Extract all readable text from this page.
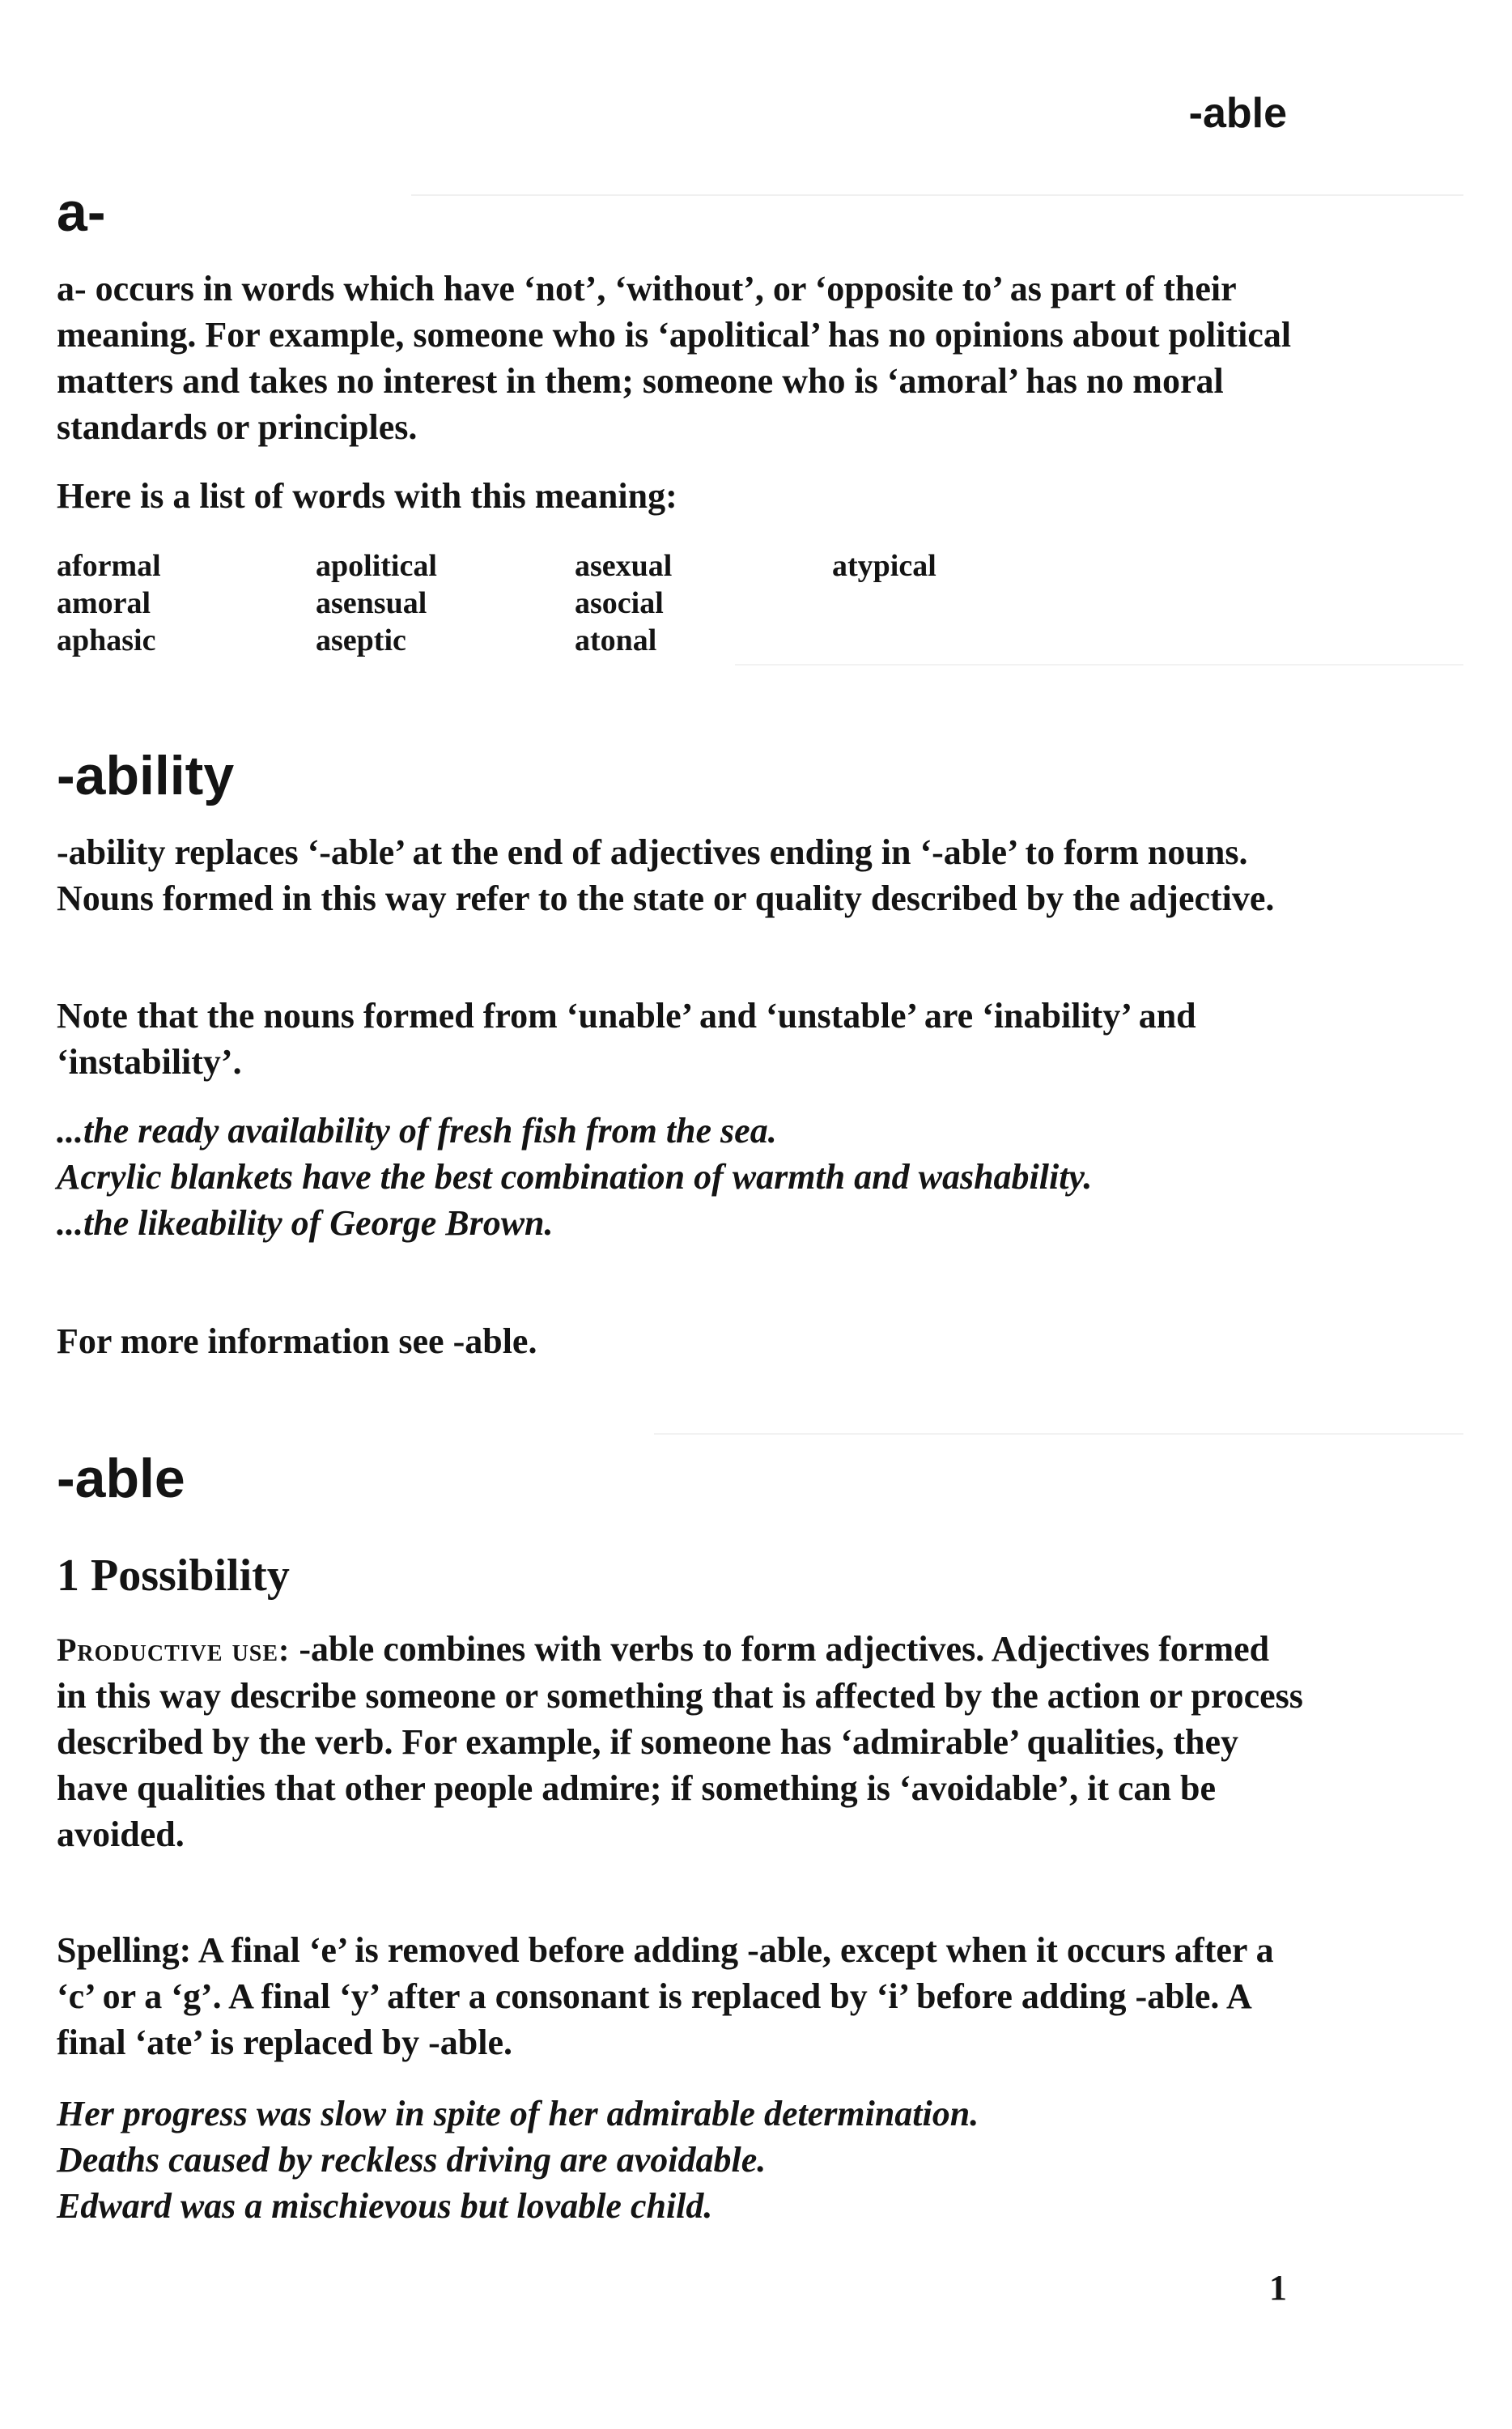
-able

a-

a- occurs in words which have ‘not’, ‘without’, or ‘opposite to’ as part of their meaning. For example, someone who is ‘apolitical’ has no opinions about political matters and takes no interest in them; someone who is ‘amoral’ has no moral standards or principles.

Here is a list of words with this meaning:

aformal	apolitical	asexual	atypical
amoral	asensual	asocial
aphasic	aseptic	atonal
-ability

-ability replaces ‘-able’ at the end of adjectives ending in ‘-able’ to form nouns. Nouns formed in this way refer to the state or quality described by the adjective.

Note that the nouns formed from ‘unable’ and ‘unstable’ are ‘inability’ and ‘instability’.

...the ready availability of fresh fish from the sea.
Acrylic blankets have the best combination of warmth and washability.
...the likeability of George Brown.

For more information see -able.

-able
1 Possibility

Productive use: -able combines with verbs to form adjectives. Adjectives formed in this way describe someone or something that is affected by the action or process described by the verb. For example, if someone has ‘admirable’ qualities, they have qualities that other people admire; if something is ‘avoidable’, it can be avoided.

Spelling: A final ‘e’ is removed before adding -able, except when it occurs after a ‘c’ or a ‘g’. A final ‘y’ after a consonant is replaced by ‘i’ before adding -able. A final ‘ate’ is replaced by -able.

Her progress was slow in spite of her admirable determination.
Deaths caused by reckless driving are avoidable.
Edward was a mischievous but lovable child.

1
